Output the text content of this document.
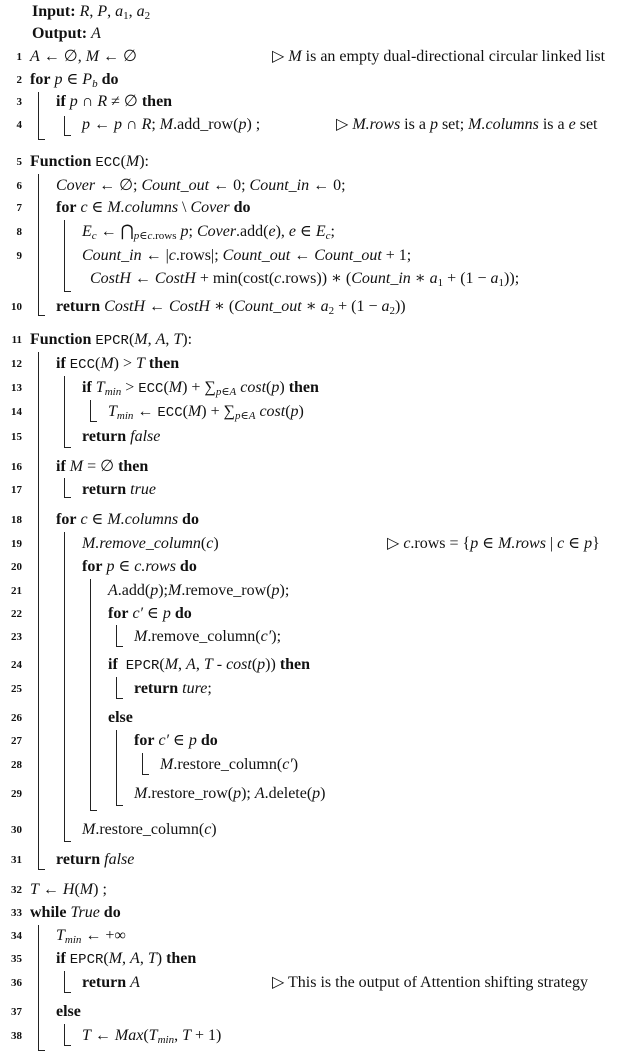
Input: R, P, $a_1$, $a_2$
Output: A
1 A ← ∅, M ← ∅	▷ M is an empty dual-directional circular linked list
2 for p ∈ $P_b$ do
3 if p ∩ R ≠ ∅ then
4	p ← p ∩ R; M.add_row(p) ;	▷ M.rows is a p set; M.columns is a e set
5 Function ECC(M):
6 Cover ← ∅; Count_out ← 0; Count_in ← 0;
7 for c ∈ M.columns \ Cover do
8	$E_c$ ← $⋂_{p\in c.rows}$ p; Cover.add(e), e ∈ $E_c$;
9	Count_in ← |c.rows|; Count_out ← Count_out + 1;
CostH ← CostH + min(cost(c.rows)) ∗ (Count_in ∗ $a_1 + (1 - a_1)$);
10 return CostH ← CostH ∗ (Count_out ∗ $a_2 + (1 - a_2)$)
11 Function EPCR(M, A, T):
12 if ECC(M) > T then
13	if $T_{min} > ECC(M) + \sum_{p\in A}$ cost(p) then
14	$T_{min}$ ← $ECC(M) + \sum_{p\in A}$ cost(p)
15	return false
16 if M = ∅ then
17	return true
18 for c ∈ M.columns do
19	M.remove_column(c)	▷ c.rows = {p ∈ M.rows | c ∈ p}
20	for p ∈ c.rows do
21	A.add(p);M.remove_row(p);
22	for c′ ∈ p do
23	M.remove_column(c′);
24	if EPCR(M, A, T - cost(p)) then
25	return ture;
26	else
27	for c′ ∈ p do
28	M.restore_column(c′)
29	M.restore_row(p); A.delete(p)
30	M.restore_column(c)
31 return false
32 T ← H(M) ;
33 while True do
34 $T_{min}$ ← +∞
35 if EPCR(M, A, T) then
36	return A	▷ This is the output of Attention shifting strategy
37 else
38	T ← $Max(T_{min}$, T + 1)
